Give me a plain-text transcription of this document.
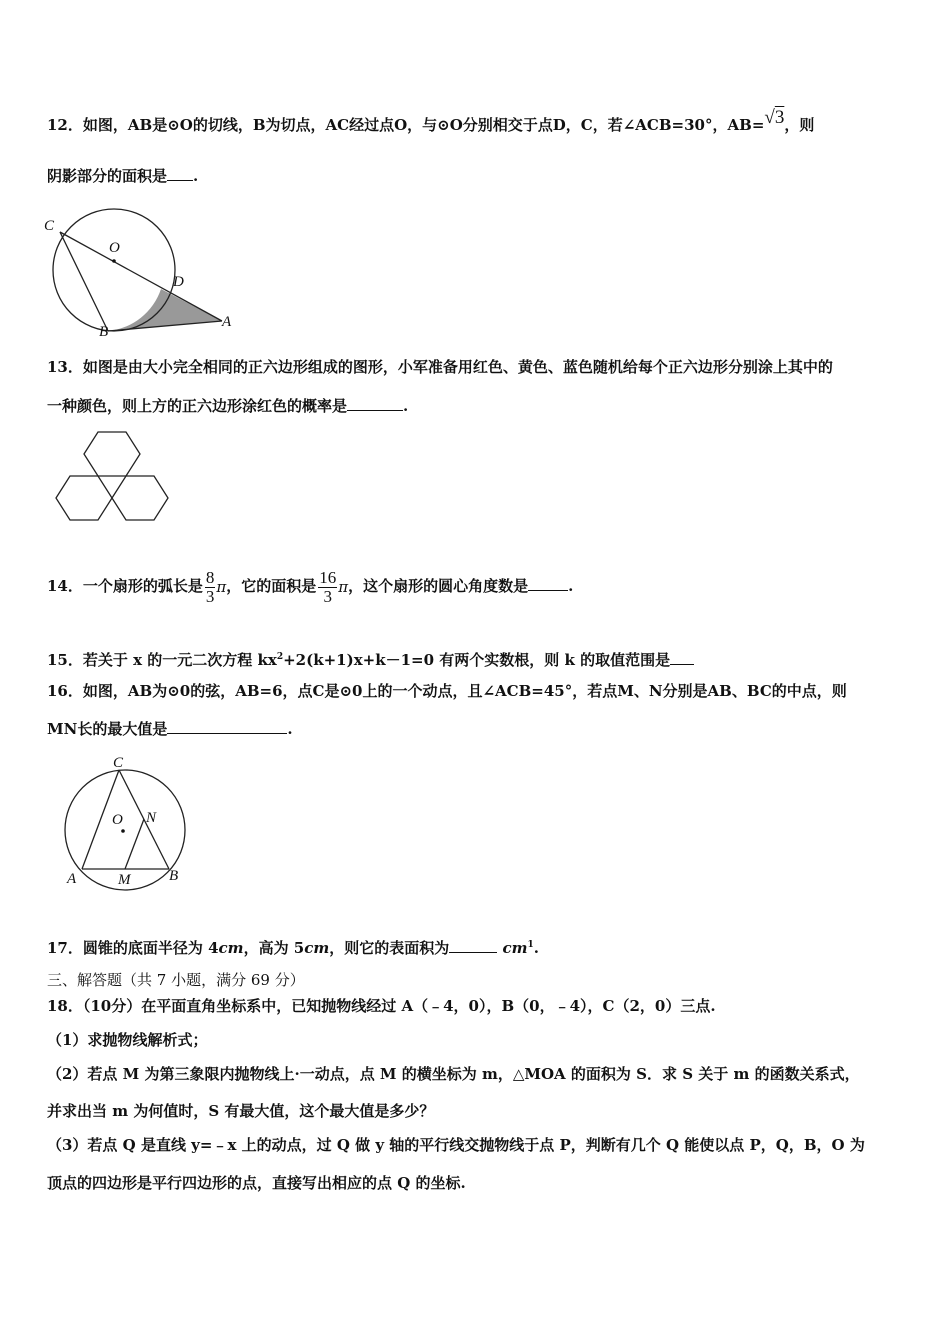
12．如图，AB是⊙O的切线，B为切点，AC经过点O，与⊙O分别相交于点D，C，若∠ACB=30°，AB=√3，则
阴影部分的面积是 .
C
O
D
B
A
13．如图是由大小完全相同的正六边形组成的图形，小军准备用红色、黄色、蓝色随机给每个正六边形分别涂上其中的
一种颜色，则上方的正六边形涂红色的概率是	.
14．一个扇形的弧长是 $\frac{8}{3}$ π，它的面积是 $\frac{16}{3}$ π，这个扇形的圆心角度数是	.
15．若关于 x 的一元二次方程 $kx^2+2(k+1)x+k-1=0$ 有两个实数根，则 k 的取值范围是
16．如图，AB为⊙0的弦，AB=6，点C是⊙0上的一个动点，且∠ACB=45°，若点M、N分别是AB、BC的中点，则
MN长的最大值是	.
C
O N
A	M	B
17．圆锥的底面半径为 4cm，高为 5cm，则它的表面积为	$cm^1$.
三、解答题（共 7 小题，满分 69 分）
18．（10分）在平面直角坐标系中，已知抛物线经过 A（﹣4，0），B（0，﹣4），C（2，0）三点.
（1）求抛物线解析式；
（2）若点 M 为第三象限内抛物线上·一动点，点 M 的横坐标为 m，△MOA 的面积为 S．求 S 关于 m 的函数关系式，
并求出当 m 为何值时，S 有最大值，这个最大值是多少？
（3）若点 Q 是直线 y=﹣x 上的动点，过 Q 做 y 轴的平行线交抛物线于点 P，判断有几个 Q 能使以点 P，Q，B，O 为
顶点的四边形是平行四边形的点，直接写出相应的点 Q 的坐标.
